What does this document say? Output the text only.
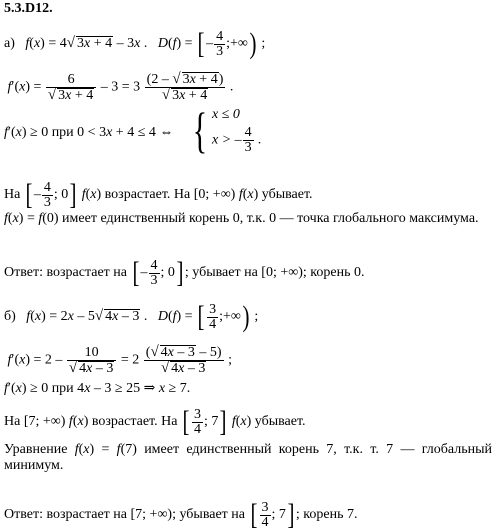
5.3.D12.
а)   f(x) = 4√ 3x + 4 – 3x .   D(f) = [ – $\frac{4}{3}$ ;+∞) ;
$f'(x) = \frac{6}{√ 3x + 4} - 3 = 3 \frac{(2 - √ 3x + 4)}{√ 3x + 4}$ .
f′(x) ≥ 0 при 0 < 3x + 4 ≤ 4 ⇔ { x ≤ 0
x > – $\frac{4}{3}$ .
На [ – $\frac{4}{3}$ ; 0] f(x) возрастает. На [0; +∞) f(x) убывает.
f(x) = f(0) имеет единственный корень 0, т.к. 0 — точка глобального максимума.
Ответ: возрастает на [ – $\frac{4}{3}$ ; 0] ; убывает на [0; +∞); корень 0.
б)   f(x) = 2x – 5√ 4x – 3 .   D(f) = [ $\frac{3}{4}$ ;+∞) ;
$f'(x) = 2 - \frac{10}{√ 4x - 3} = 2 \frac{(√ 4x - 3 - 5)}{√ 4x - 3}$ ;
f′(x) ≥ 0 при 4x – 3 ≥ 25 ⇒ x ≥ 7.
На [7; +∞) f(x) возрастает. На [ $\frac{3}{4}$ ; 7] f(x) убывает.
Уравнение f(x) = f(7) имеет единственный корень 7, т.к. т. 7 — глобальный минимум.
Ответ: возрастает на [7; +∞); убывает на [ $\frac{3}{4}$ ; 7] ; корень 7.
